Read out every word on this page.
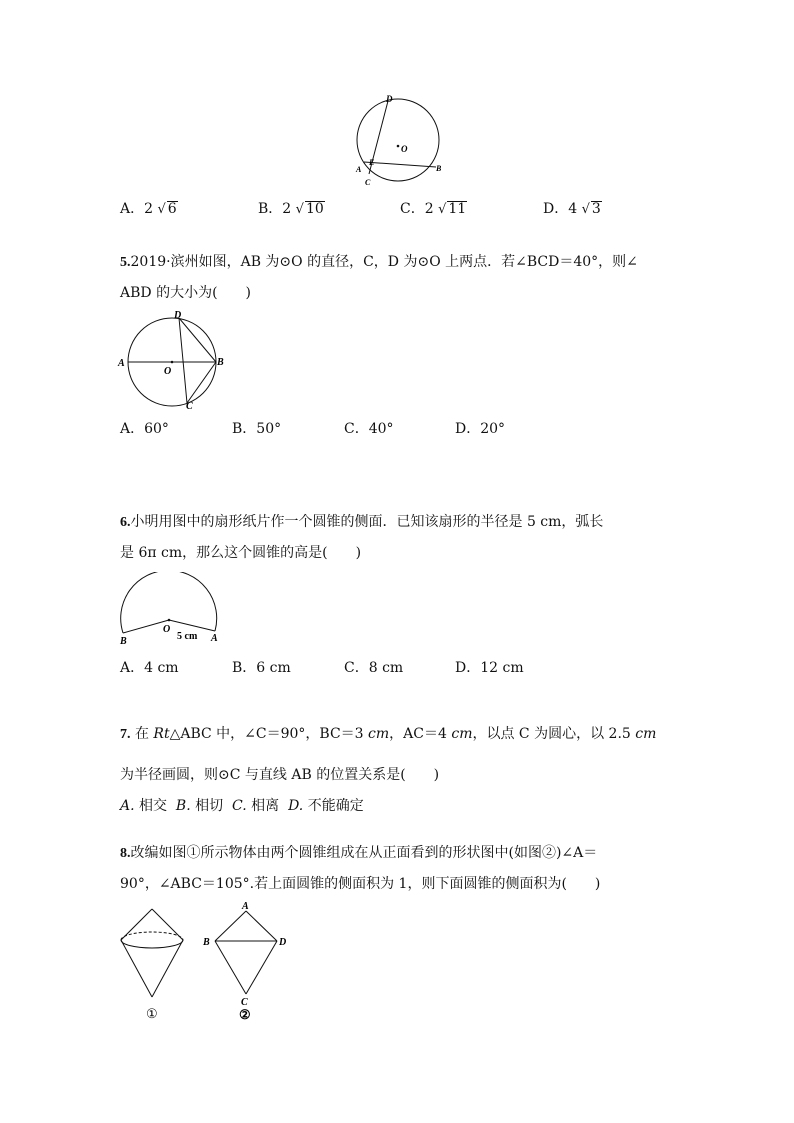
D
O
E
A
C
B
A．2 √ 6	B．2 √ 10	C．2 √ 11	D．4 √ 3
5.2019·滨州如图，AB 为⊙O 的直径，C，D 为⊙O 上两点．若∠BCD＝40°，则∠
ABD 的大小为(　　)
A
O
B
D
C
A．60°	B．50°	C．40°	D．20°
6.小明用图中的扇形纸片作一个圆锥的侧面．已知该扇形的半径是 5 cm，弧长
是 6π cm，那么这个圆锥的高是(　　)
B
O
5 cm A
A．4 cm	B．6 cm	C．8 cm	D．12 cm
7. 在 Rt△ABC 中，∠C＝90°，BC＝3 cm，AC＝4 cm，以点 C 为圆心，以 2.5 cm
为半径画圆，则⊙C 与直线 AB 的位置关系是(　　)
A. 相交 B. 相切 C. 相离 D. 不能确定
8.改编如图①所示物体由两个圆锥组成在从正面看到的形状图中(如图②)∠A＝
90°，∠ABC＝105°.若上面圆锥的侧面积为 1，则下面圆锥的侧面积为(　　)
①
A
B	D
C
②
